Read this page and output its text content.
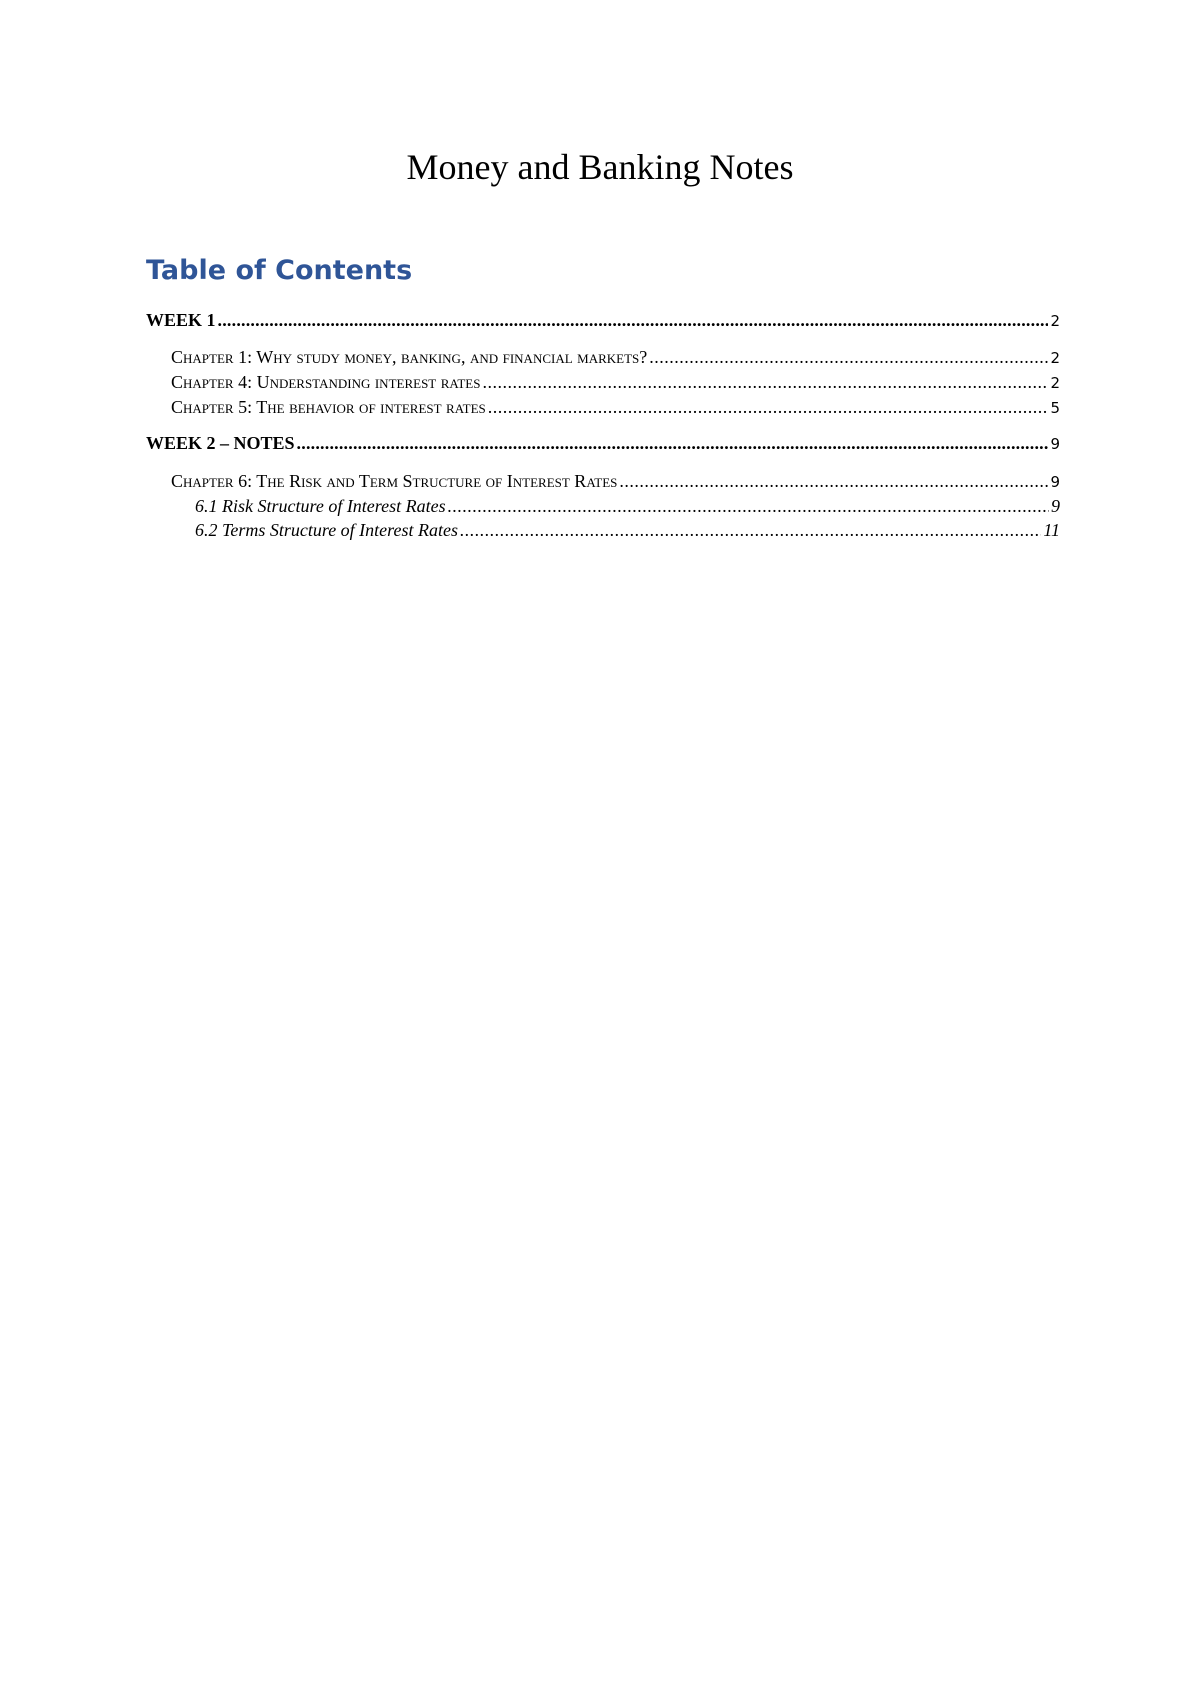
Money and Banking Notes
Table of Contents
WEEK 1 .....	2
Chapter 1: Why study money, banking, and financial markets? .....	2
Chapter 4: Understanding interest rates .....	2
Chapter 5: The behavior of interest rates .....	5
WEEK 2 – NOTES .....	9
Chapter 6: The Risk and Term Structure of Interest Rates .....	9
6.1 Risk Structure of Interest Rates .....	9
6.2 Terms Structure of Interest Rates .....	11
